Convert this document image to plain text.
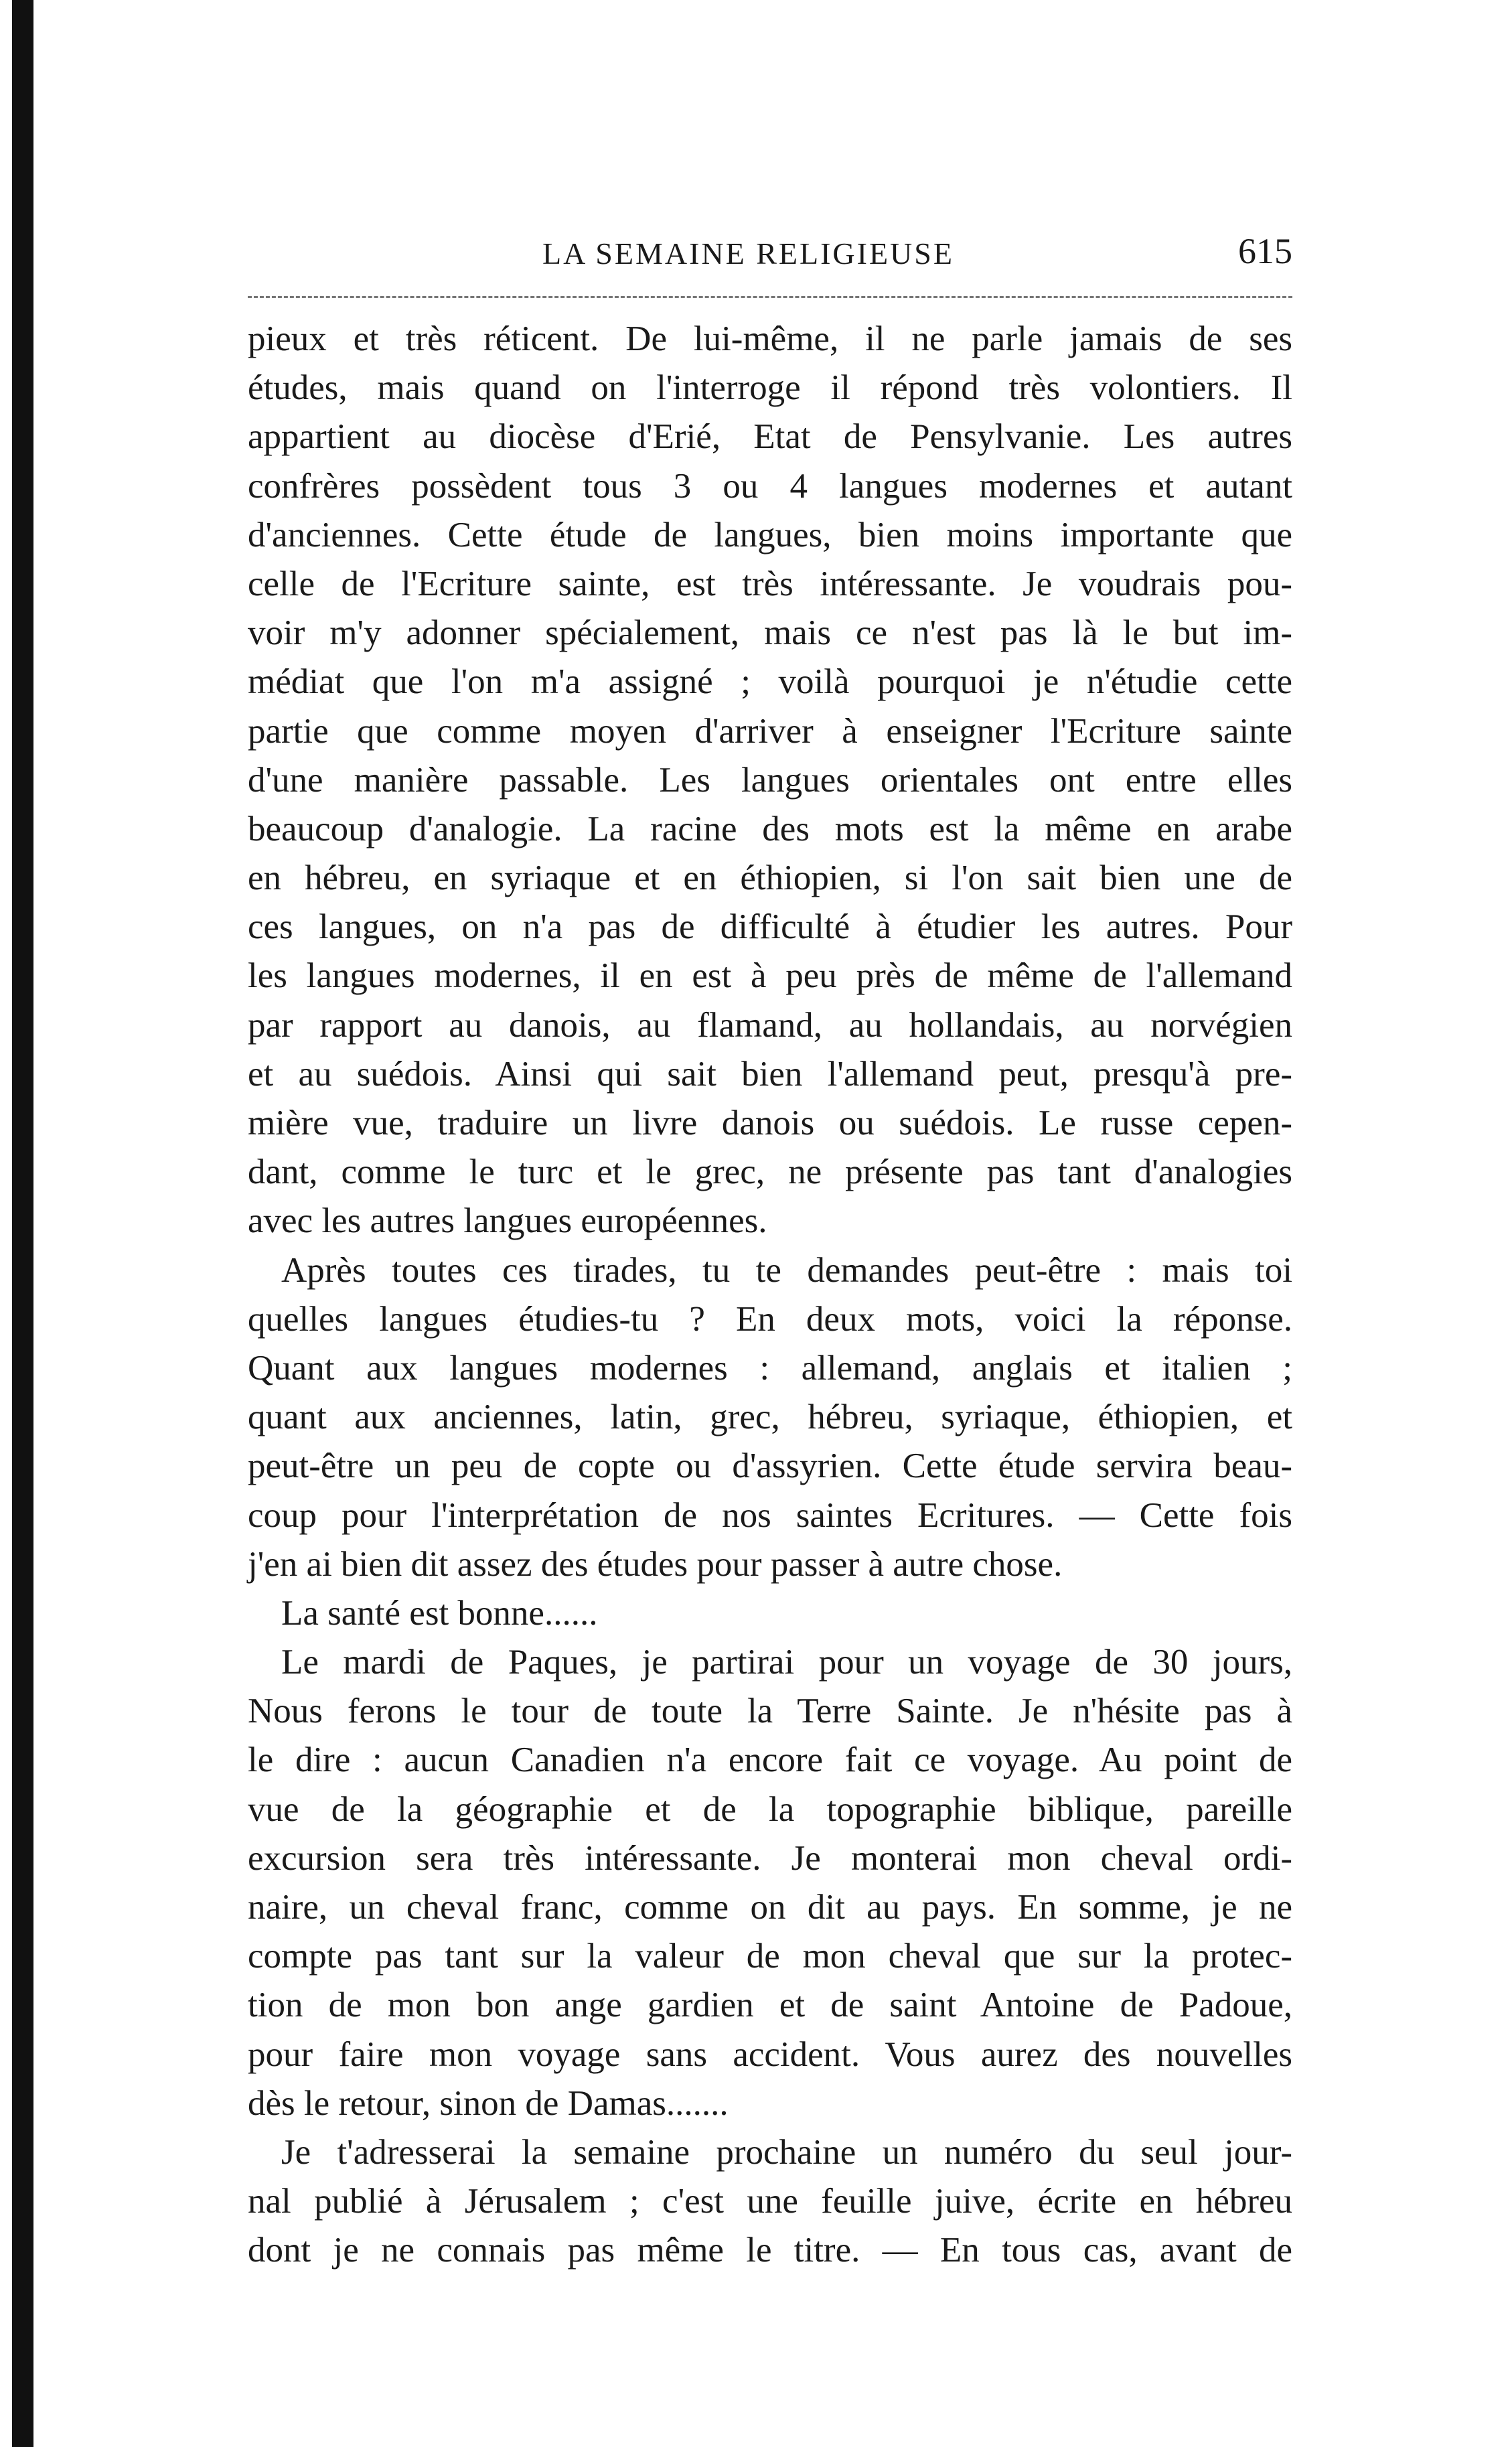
LA SEMAINE RELIGIEUSE	615
pieux et très réticent. De lui-même, il ne parle jamais de ses
études, mais quand on l'interroge il répond très volontiers. Il
appartient au diocèse d'Erié, Etat de Pensylvanie. Les autres
confrères possèdent tous 3 ou 4 langues modernes et autant
d'anciennes. Cette étude de langues, bien moins importante que
celle de l'Ecriture sainte, est très intéressante. Je voudrais pou-
voir m'y adonner spécialement, mais ce n'est pas là le but im-
médiat que l'on m'a assigné ; voilà pourquoi je n'étudie cette
partie que comme moyen d'arriver à enseigner l'Ecriture sainte
d'une manière passable. Les langues orientales ont entre elles
beaucoup d'analogie. La racine des mots est la même en arabe
en hébreu, en syriaque et en éthiopien, si l'on sait bien une de
ces langues, on n'a pas de difficulté à étudier les autres. Pour
les langues modernes, il en est à peu près de même de l'allemand
par rapport au danois, au flamand, au hollandais, au norvégien
et au suédois. Ainsi qui sait bien l'allemand peut, presqu'à pre-
mière vue, traduire un livre danois ou suédois. Le russe cepen-
dant, comme le turc et le grec, ne présente pas tant d'analogies
avec les autres langues européennes.
Après toutes ces tirades, tu te demandes peut-être : mais toi
quelles langues étudies-tu ? En deux mots, voici la réponse.
Quant aux langues modernes : allemand, anglais et italien ;
quant aux anciennes, latin, grec, hébreu, syriaque, éthiopien, et
peut-être un peu de copte ou d'assyrien. Cette étude servira beau-
coup pour l'interprétation de nos saintes Ecritures. — Cette fois
j'en ai bien dit assez des études pour passer à autre chose.
La santé est bonne......
Le mardi de Paques, je partirai pour un voyage de 30 jours,
Nous ferons le tour de toute la Terre Sainte. Je n'hésite pas à
le dire : aucun Canadien n'a encore fait ce voyage. Au point de
vue de la géographie et de la topographie biblique, pareille
excursion sera très intéressante. Je monterai mon cheval ordi-
naire, un cheval franc, comme on dit au pays. En somme, je ne
compte pas tant sur la valeur de mon cheval que sur la protec-
tion de mon bon ange gardien et de saint Antoine de Padoue,
pour faire mon voyage sans accident. Vous aurez des nouvelles
dès le retour, sinon de Damas.......
Je t'adresserai la semaine prochaine un numéro du seul jour-
nal publié à Jérusalem ; c'est une feuille juive, écrite en hébreu
dont je ne connais pas même le titre. — En tous cas, avant de
